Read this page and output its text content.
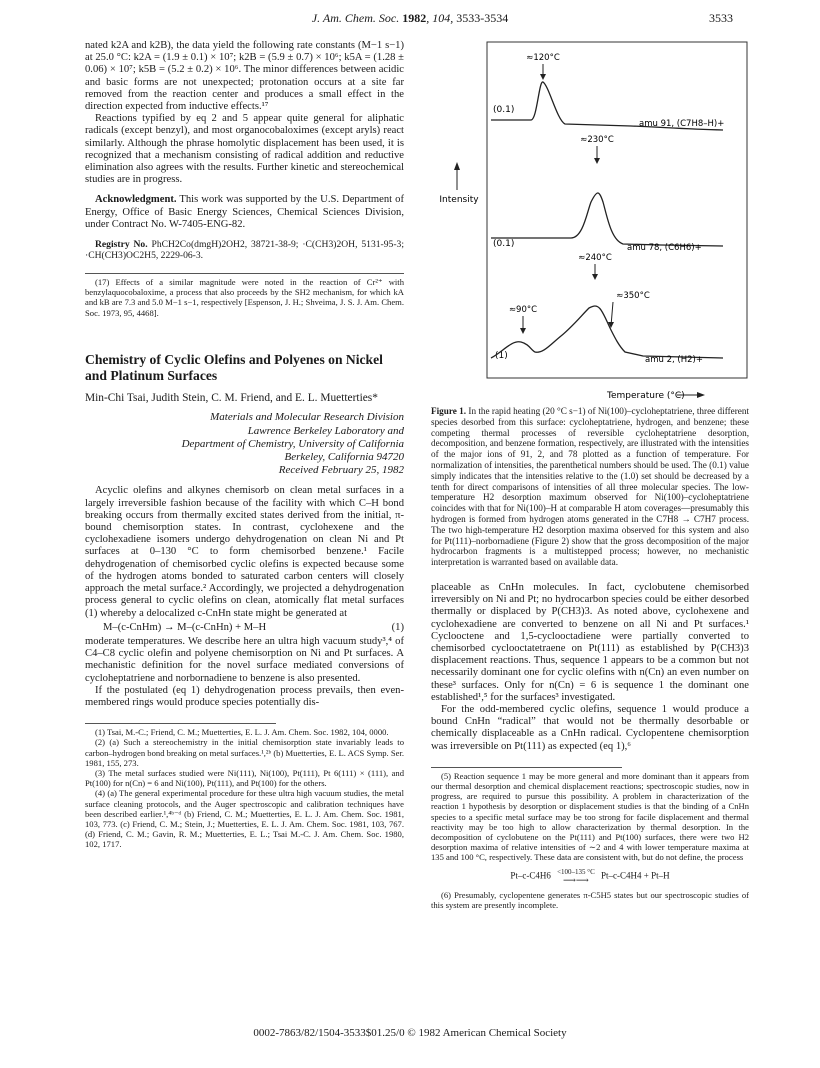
J. Am. Chem. Soc. 1982, 104, 3533-3534	3533

nated k2A and k2B), the data yield the following rate constants (M−1 s−1) at 25.0 °C: k2A = (1.9 ± 0.1) × 10⁷; k2B = (5.9 ± 0.7) × 10⁶; k5A = (1.28 ± 0.06) × 10⁷; k5B = (5.2 ± 0.2) × 10⁶. The minor differences between acidic and basic forms are not unexpected; protonation occurs at a site far removed from the reaction center and produces a small effect in the direction expected from inductive effects.¹⁷

Reactions typified by eq 2 and 5 appear quite general for aliphatic radicals (except benzyl), and most organocobaloximes (except aryls) react similarly. Although the phrase homolytic displacement has been used, it is recognized that a mechanism consisting of radical addition and reductive elimination also agrees with the results. Further kinetic and stereochemical studies are in progress.

Acknowledgment. This work was supported by the U.S. Department of Energy, Office of Basic Energy Sciences, Chemical Sciences Division, under Contract No. W-7405-ENG-82.

Registry No. PhCH2Co(dmgH)2OH2, 38721-38-9; ·C(CH3)2OH, 5131-95-3; ·CH(CH3)OC2H5, 2229-06-3.

(17) Effects of a similar magnitude were noted in the reaction of Cr²⁺ with benzylaquocobaloxime, a process that also proceeds by the SH2 mechanism, for which kA and kB are 7.3 and 5.0 M−1 s−1, respectively [Espenson, J. H.; Shveima, J. S. J. Am. Chem. Soc. 1973, 95, 4468].

Chemistry of Cyclic Olefins and Polyenes on Nickel and Platinum Surfaces

Min-Chi Tsai, Judith Stein, C. M. Friend, and E. L. Muetterties*

Materials and Molecular Research Division

Lawrence Berkeley Laboratory and

Department of Chemistry, University of California

Berkeley, California 94720

Received February 25, 1982

Acyclic olefins and alkynes chemisorb on clean metal surfaces in a largely irreversible fashion because of the facility with which C–H bond breaking occurs from thermally excited states derived from the initial, π-bound chemisorption states. In contrast, cyclohexene and the cyclohexadiene isomers undergo dehydrogenation on clean Ni and Pt surfaces at 0–130 °C to form chemisorbed benzene.¹ Facile dehydrogenation of chemisorbed cyclic olefins is expected because some of the hydrogen atoms bonded to saturated carbon centers will closely approach the metal surface.² Accordingly, we projected a dehydrogenation process general to cyclic olefins on clean, atomically flat metal surfaces (1) whereby a delocalized c-CnHn state might be generated at

M–(c-CnHm) → M–(c-CnHn) + M–H	(1)

moderate temperatures. We describe here an ultra high vacuum study³,⁴ of C4–C8 cyclic olefin and polyene chemisorption on Ni and Pt surfaces. A mechanistic definition for the novel surface mediated conversions of cycloheptatriene and norbornadiene to benzene is also presented.

If the postulated (eq 1) dehydrogenation process prevails, then even-membered rings would produce species potentially dis-

(1) Tsai, M.-C.; Friend, C. M.; Muetterties, E. L. J. Am. Chem. Soc. 1982, 104, 0000.

(2) (a) Such a stereochemistry in the initial chemisorption state invariably leads to carbon–hydrogen bond breaking on metal surfaces.¹,²ᵇ (b) Muetterties, E. L. ACS Symp. Ser. 1981, 155, 273.

(3) The metal surfaces studied were Ni(111), Ni(100), Pt(111), Pt 6(111) × (111), and Pt(100) for n(Cn) = 6 and Ni(100), Pt(111), and Pt(100) for the others.

(4) (a) The general experimental procedure for these ultra high vacuum studies, the metal surface cleaning protocols, and the Auger spectroscopic and calibration techniques have been described earlier.¹,⁴ᵇ⁻ᵈ (b) Friend, C. M.; Muetterties, E. L. J. Am. Chem. Soc. 1981, 103, 773. (c) Friend, C. M.; Stein, J.; Muetterties, E. L. J. Am. Chem. Soc. 1981, 103, 767. (d) Friend, C. M.; Gavin, R. M.; Muetterties, E. L.; Tsai M.-C. J. Am. Chem. Soc. 1980, 102, 1717.

Intensity
(0.1)
≈120°C
amu 91, (C7H8–H)+
(0.1)
≈230°C
amu 78, (C6H6)+
(1)
≈90°C
≈240°C
≈350°C
amu 2, (H2)+
Temperature (°C)

Figure 1. In the rapid heating (20 °C s−1) of Ni(100)–cycloheptatriene, three different species desorbed from this surface: cycloheptatriene, hydrogen, and benzene; these competing thermal processes of reversible cycloheptatriene desorption, decomposition, and benzene formation, respectively, are illustrated with the intensities of the major ions of 91, 2, and 78 plotted as a function of temperature. For normalization of intensities, the parenthetical numbers should be used. The (0.1) value simply indicates that the intensities relative to the (1.0) set should be decreased by a tenth for direct comparisons of intensities of all three molecular species. The low-temperature H2 desorption maximum observed for Ni(100)–cycloheptatriene coincides with that for Ni(100)–H at comparable H atom coverages—presumably this hydrogen is formed from hydrogen atoms generated in the C7H8 → C7H7 process. The two high-temperature H2 desorption maxima observed for this system and also for Pt(111)–norbornadiene (Figure 2) show that the gross decomposition of the major hydrocarbon fragments is a multistepped process; however, no mechanistic interpretation is warranted based on available data.

placeable as CnHn molecules. In fact, cyclobutene chemisorbed irreversibly on Ni and Pt; no hydrocarbon species could be either desorbed thermally or displaced by P(CH3)3. As noted above, cyclohexene and cyclohexadiene are converted to benzene on all Ni and Pt surfaces.¹ Cyclooctene and 1,5-cyclooctadiene were partially converted to chemisorbed cyclooctatetraene on Pt(111) as established by P(CH3)3 displacement reactions. Thus, sequence 1 appears to be a common but not necessarily dominant one for cyclic olefins with n(Cn) an even number on these³ surfaces. Only for n(Cn) = 6 is sequence 1 the dominant one established¹,⁵ for the surfaces³ investigated.

For the odd-membered cyclic olefins, sequence 1 would produce a bound CnHn “radical” that would not be thermally desorbable or chemically displaceable as a CnHn radical. Cyclopentene chemisorption was irreversible on Pt(111) as expected (eq 1),⁶

(5) Reaction sequence 1 may be more general and more dominant than it appears from our thermal desorption and chemical displacement reactions; spectroscopic studies, now in progress, are required to pursue this possibility. A problem in characterization of the reaction 1 hypothesis by desorption or displacement studies is that the binding of a CnHn species to a specific metal surface may be too strong for facile displacement and thermal reactivity may be too high to allow characterization by thermal desorption. In the decomposition of cyclobutene on the Pt(111) and Pt(100) surfaces, there were two H2 desorption maxima of relative intensities of ∼2 and 4 with lower temperature maxima at 135 and 100 °C, respectively. These data are consistent with, but do not define, the process

Pt–c-C4H6 <100–135 °C
⟶⟶	Pt–c-C4H4 + Pt–H

(6) Presumably, cyclopentene generates π-C5H5 states but our spectroscopic studies of this system are presently incomplete.

0002-7863/82/1504-3533$01.25/0 © 1982 American Chemical Society
